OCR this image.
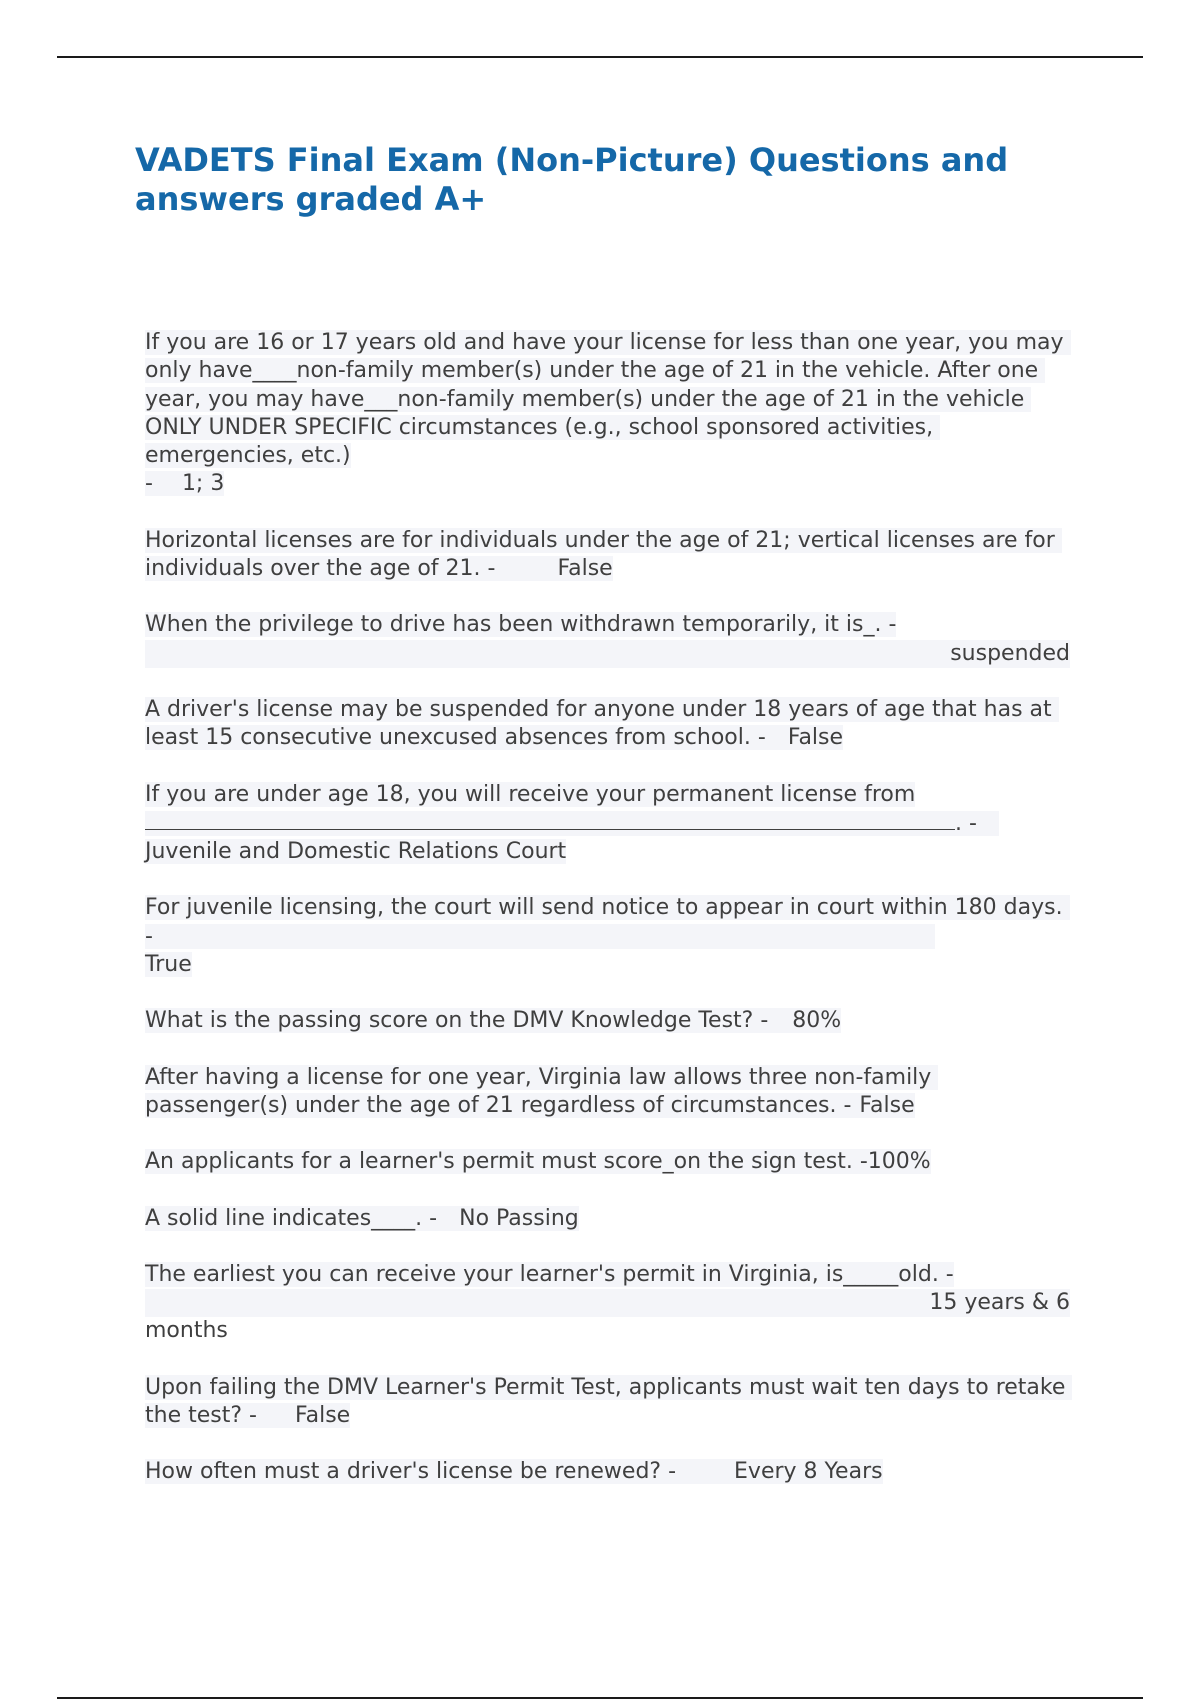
VADETS Final Exam (Non-Picture) Questions and answers graded A+

If you are 16 or 17 years old and have your license for less than one year, you may only have____non-family member(s) under the age of 21 in the vehicle. After one year, you may have___non-family member(s) under the age of 21 in the vehicle ONLY UNDER SPECIFIC circumstances (e.g., school sponsored activities, emergencies, etc.)
- 1; 3

Horizontal licenses are for individuals under the age of 21; vertical licenses are for individuals over the age of 21. -	False

When the privilege to drive has been withdrawn temporarily, it is_. -

suspended

A driver's license may be suspended for anyone under 18 years of age that has at least 15 consecutive unexcused absences from school. - False

If you are under age 18, you will receive your permanent license from
. -
Juvenile and Domestic Relations Court

For juvenile licensing, the court will send notice to appear in court within 180 days. -
True

What is the passing score on the DMV Knowledge Test? - 80%

After having a license for one year, Virginia law allows three non-family passenger(s) under the age of 21 regardless of circumstances. - False

An applicants for a learner's permit must score_on the sign test. -100%

A solid line indicates____. - No Passing

The earliest you can receive your learner's permit in Virginia, is_____old. -

15 years & 6
months

Upon failing the DMV Learner's Permit Test, applicants must wait ten days to retake the test? - False

How often must a driver's license be renewed? -	Every 8 Years
